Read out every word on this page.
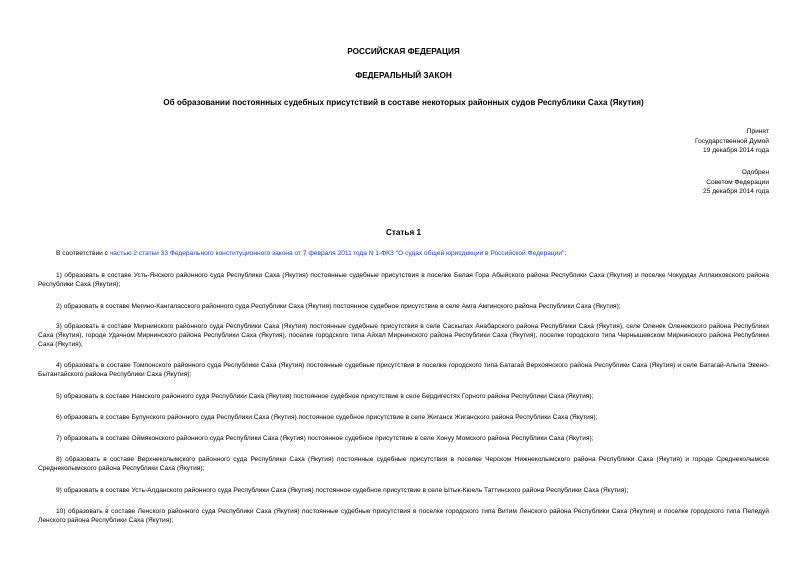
РОССИЙСКАЯ ФЕДЕРАЦИЯ

ФЕДЕРАЛЬНЫЙ ЗАКОН

Об образовании постоянных судебных присутствий в составе некоторых районных судов Республики Саха (Якутия)

Принят
Государственной Думой
19 декабря 2014 года
Одобрен
Советом Федерации
25 декабря 2014 года

Статья 1

В соответствии с частью 2 статьи 33 Федерального конституционного закона от 7 февраля 2011 года N 1-ФКЗ "О судах общей юрисдикции в Российской Федерации":

1) образовать в составе Усть-Янского районного суда Республики Саха (Якутия) постоянные судебные присутствия в поселке Белая Гора Абыйского района Республики Саха (Якутия) и поселке Чокурдах Аллаиховского района Республики Саха (Якутия);

2) образовать в составе Мегино-Кангаласского районного суда Республики Саха (Якутия) постоянное судебное присутствие в селе Амга Амгинского района Республики Саха (Якутия);

3) образовать в составе Мирнинского районного суда Республики Саха (Якутия) постоянные судебные присутствия в селе Саскылах Анабарского района Республики Саха (Якутия), селе Оленек Оленекского района Республики Саха (Якутия), городе Удачном Мирнинского района Республики Саха (Якутия), поселке городского типа Айхал Мирнинского района Республики Саха (Якутия), поселке городского типа Чернышевском Мирнинского района Республики Саха (Якутия);

4) образовать в составе Томпонского районного суда Республики Саха (Якутия) постоянные судебные присутствия в поселке городского типа Батагай Верхоянского района Республики Саха (Якутия) и селе Батагай-Алыта Эвено-Бытантайского района Республики Саха (Якутия);

5) образовать в составе Намского районного суда Республики Саха (Якутия) постоянное судебное присутствие в селе Бердигестях Горного района Республики Саха (Якутия);

6) образовать в составе Булунского районного суда Республики Саха (Якутия) постоянное судебное присутствие в селе Жиганск Жиганского района Республики Саха (Якутия);

7) образовать в составе Оймяконского районного суда Республики Саха (Якутия) постоянное судебное присутствие в селе Хонуу Момского района Республики Саха (Якутия);

8) образовать в составе Верхнеколымского районного суда Республики Саха (Якутия) постоянные судебные присутствия в поселке Черском Нижнеколымского района Республики Саха (Якутия) и городе Среднеколымске Среднеколымского района Республики Саха (Якутия);

9) образовать в составе Усть-Алданского районного суда Республики Саха (Якутия) постоянное судебное присутствие в селе Ытык-Кюель Таттинского района Республики Саха (Якутия);

10) образовать в составе Ленского районного суда Республики Саха (Якутия) постоянные судебные присутствия в поселке городского типа Витим Ленского района Республики Саха (Якутия) и поселке городского типа Пеледуй Ленского района Республики Саха (Якутия);
